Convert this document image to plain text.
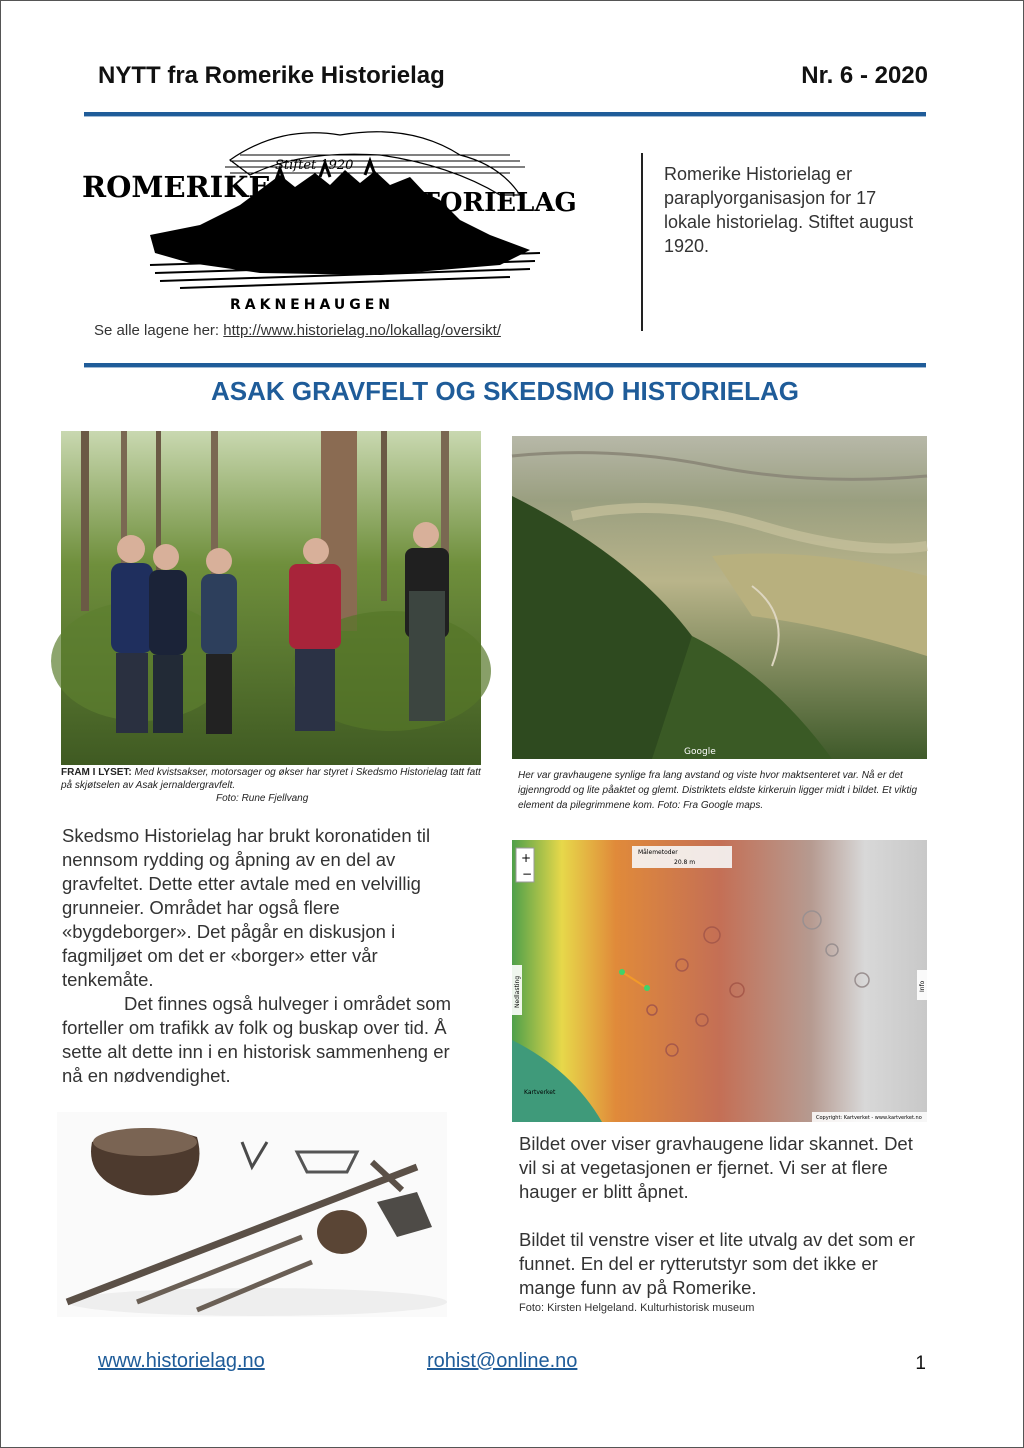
NYTT fra Romerike Historielag	Nr. 6 - 2020
Stiftet 1920
ROMERIKE	HISTORIELAG
RAKNEHAUGEN
Romerike Historielag er paraplyorganisasjon for 17 lokale historielag. Stiftet august 1920.
Se alle lagene her: http://www.historielag.no/lokallag/oversikt/
ASAK GRAVFELT OG SKEDSMO HISTORIELAG
FRAM I LYSET: Med kvistsakser, motorsager og økser har styret i Skedsmo Historielag tatt fatt på skjøtselen av Asak jernaldergravfelt.
Foto: Rune Fjellvang
Google
Her var gravhaugene synlige fra lang avstand og viste hvor maktsenteret var. Nå er det igjenngrodd og lite påaktet og glemt. Distriktets eldste kirkeruin ligger midt i bildet. Et viktig element da pilegrimmene kom. Foto: Fra Google maps.
Skedsmo Historielag har brukt koronatiden til nennsom rydding og åpning av en del av gravfeltet. Dette etter avtale med en velvillig grunneier. Området har også flere «bygdeborger». Det pågår en diskusjon i fagmiljøet om det er «borger» etter vår tenkemåte.
Det finnes også hulveger i området som forteller om trafikk av folk og buskap over tid. Å sette alt dette inn i en historisk sammenheng er nå en nødvendighet.
+
−
Målemetoder
20.8 m
Nedlasting	Info
Kartverket
Copyright: Kartverket - www.kartverket.no
Bildet over viser gravhaugene lidar skannet. Det vil si at vegetasjonen er fjernet. Vi ser at flere hauger er blitt åpnet.
Bildet til venstre viser et lite utvalg av det som er funnet. En del er rytterutstyr som det ikke er mange funn av på Romerike.
Foto: Kirsten Helgeland. Kulturhistorisk museum
www.historielag.no	rohist@online.no	1
